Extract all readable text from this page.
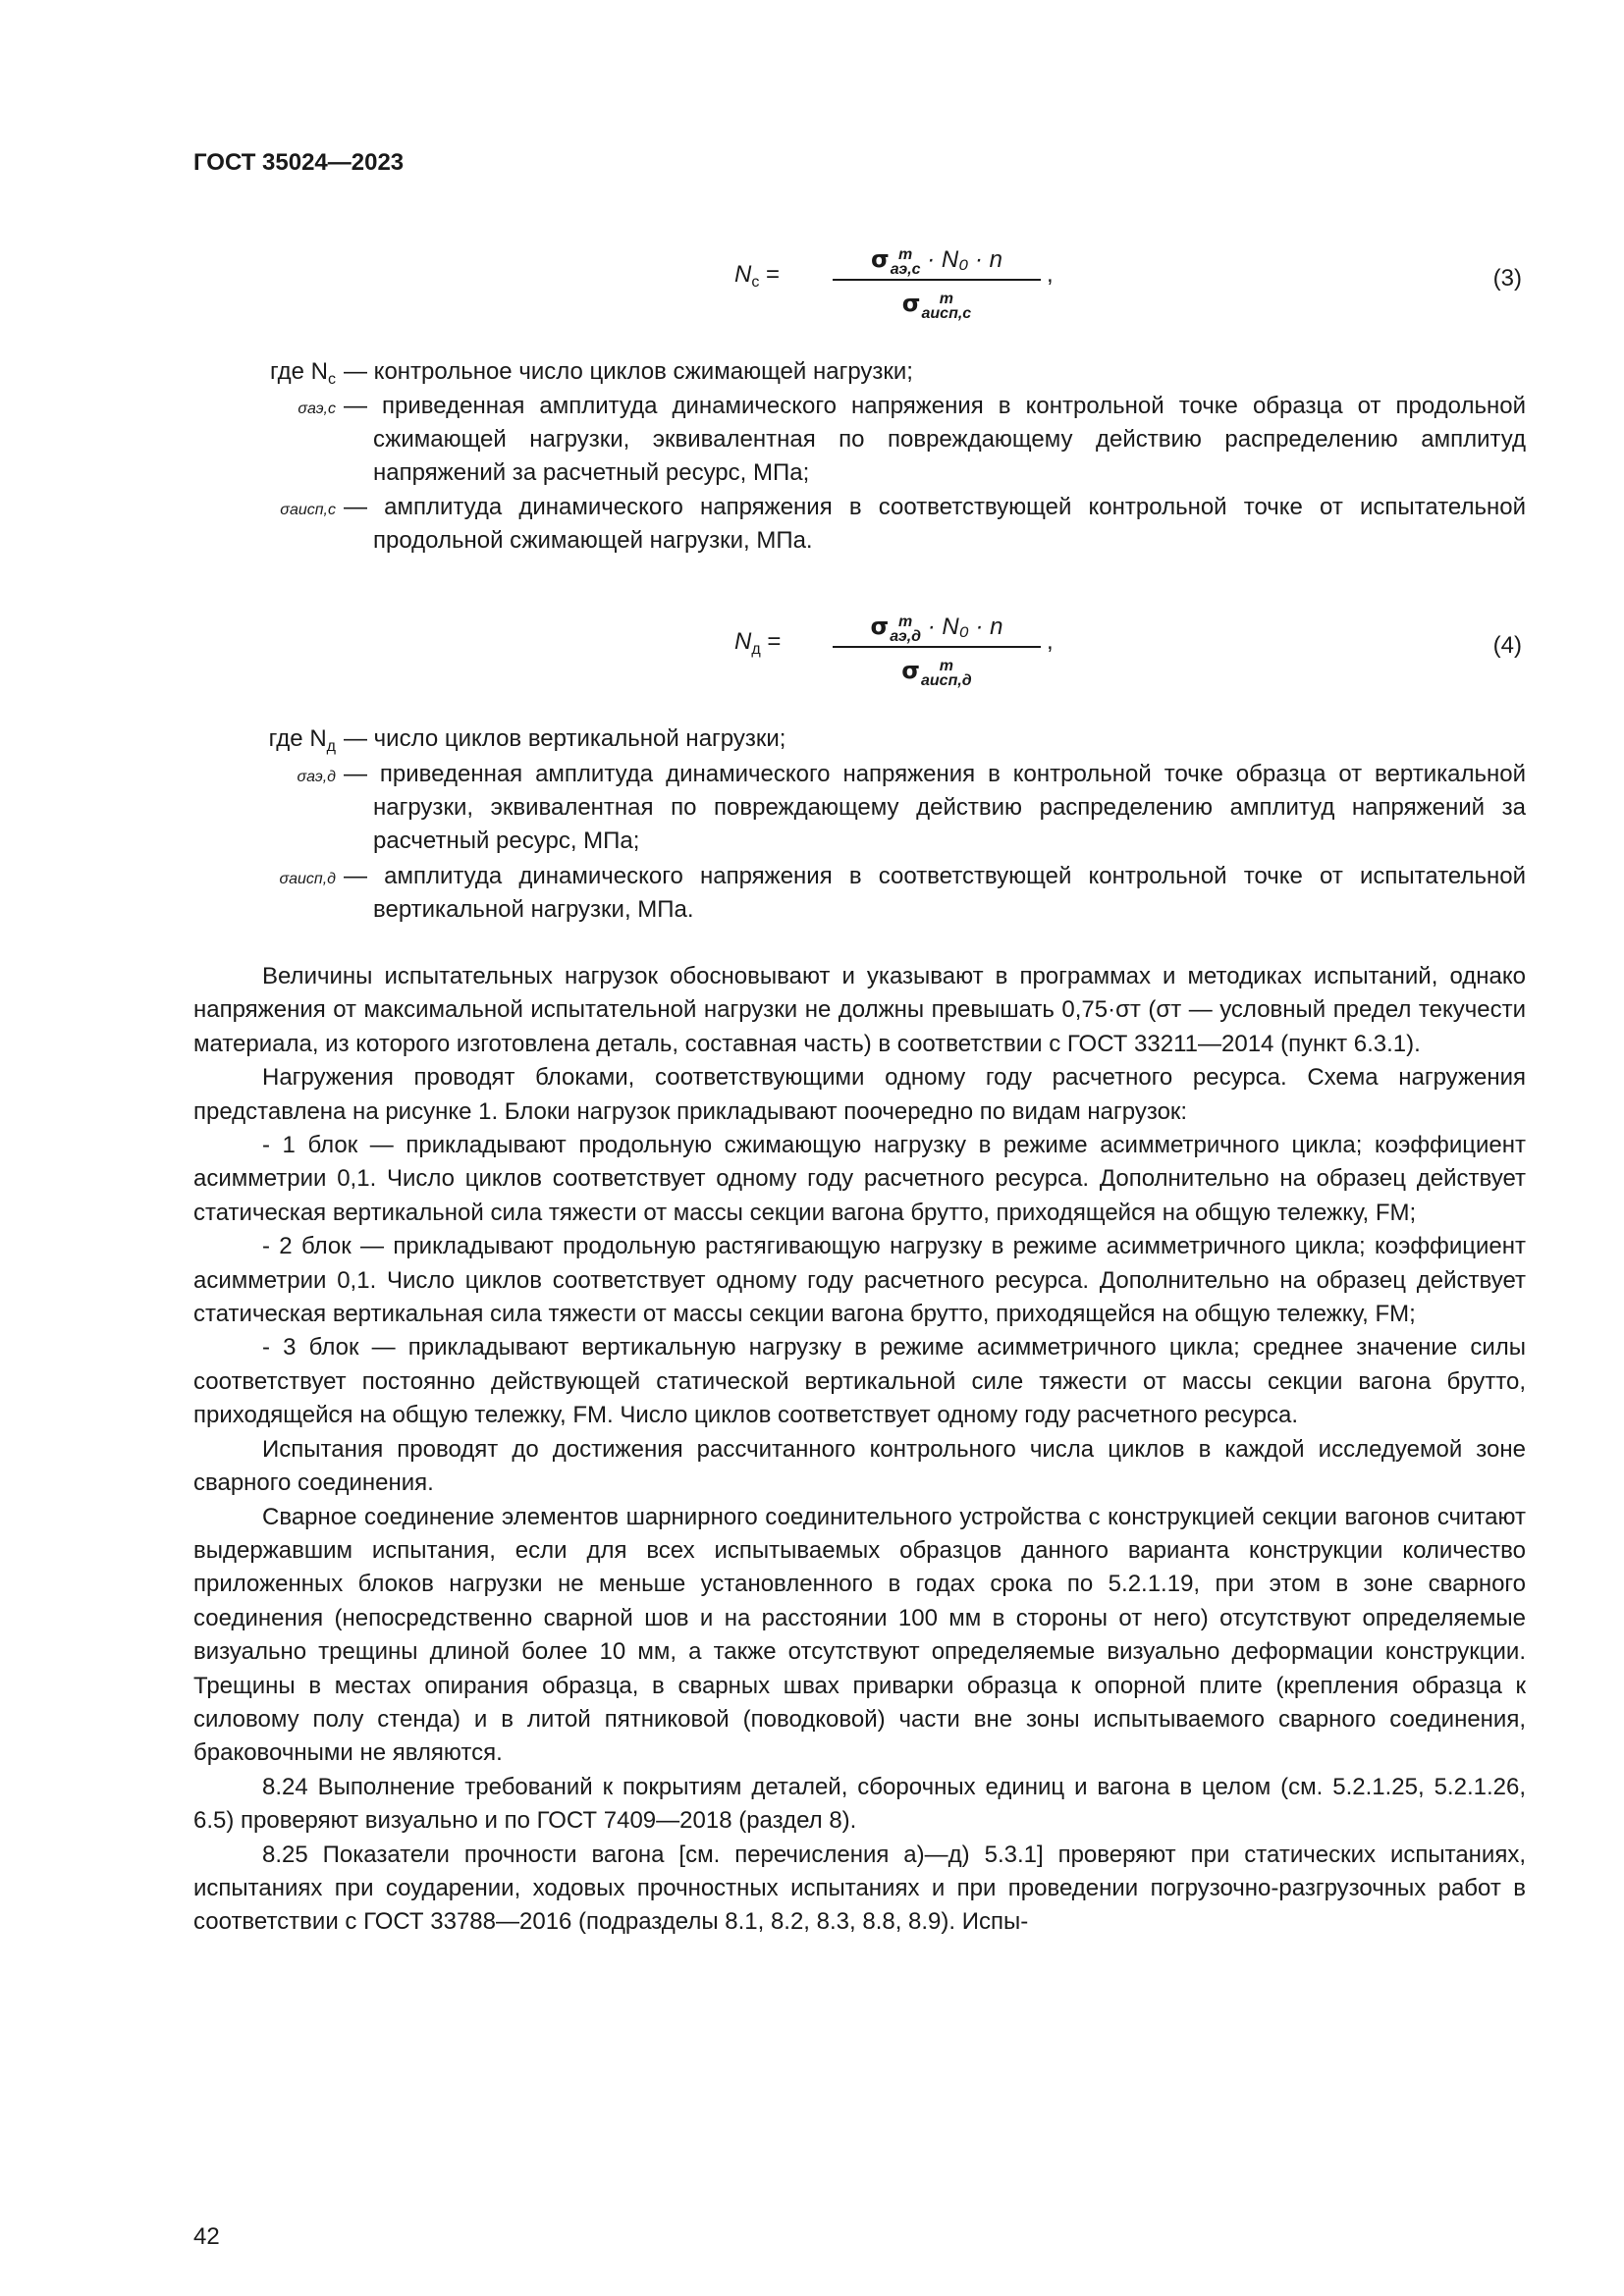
ГОСТ 35024—2023
$N_с$ =
σ m
аэ,с · N₀ · n
σ	m
аисп,с
,	(3)
где $N_с$ — контрольное число циклов сжимающей нагрузки;
σаэ,с — приведенная амплитуда динамического напряжения в контрольной точке образца от продольной сжимающей нагрузки, эквивалентная по повреждающему действию распределению амплитуд напряжений за расчетный ресурс, МПа;
σаисп,с — амплитуда динамического напряжения в соответствующей контрольной точке от испытательной продольной сжимающей нагрузки, МПа.
$N_д$ =
σ m
аэ,д · N₀ · n
σ	m
аисп,д
,	(4)
где $N_д$ — число циклов вертикальной нагрузки;
σаэ,д — приведенная амплитуда динамического напряжения в контрольной точке образца от вертикальной нагрузки, эквивалентная по повреждающему действию распределению амплитуд напряжений за расчетный ресурс, МПа;
σаисп,д — амплитуда динамического напряжения в соответствующей контрольной точке от испытательной вертикальной нагрузки, МПа.

Величины испытательных нагрузок обосновывают и указывают в программах и методиках испытаний, однако напряжения от максимальной испытательной нагрузки не должны превышать 0,75·σт (σт — условный предел текучести материала, из которого изготовлена деталь, составная часть) в соответствии с ГОСТ 33211—2014 (пункт 6.3.1).

Нагружения проводят блоками, соответствующими одному году расчетного ресурса. Схема нагружения представлена на рисунке 1. Блоки нагрузок прикладывают поочередно по видам нагрузок:

- 1 блок — прикладывают продольную сжимающую нагрузку в режиме асимметричного цикла; коэффициент асимметрии 0,1. Число циклов соответствует одному году расчетного ресурса. Дополнительно на образец действует статическая вертикальной сила тяжести от массы секции вагона брутто, приходящейся на общую тележку, FМ;

- 2 блок — прикладывают продольную растягивающую нагрузку в режиме асимметричного цикла; коэффициент асимметрии 0,1. Число циклов соответствует одному году расчетного ресурса. Дополнительно на образец действует статическая вертикальная сила тяжести от массы секции вагона брутто, приходящейся на общую тележку, FМ;

- 3 блок — прикладывают вертикальную нагрузку в режиме асимметричного цикла; среднее значение силы соответствует постоянно действующей статической вертикальной силе тяжести от массы секции вагона брутто, приходящейся на общую тележку, FМ. Число циклов соответствует одному году расчетного ресурса.

Испытания проводят до достижения рассчитанного контрольного числа циклов в каждой исследуемой зоне сварного соединения.

Сварное соединение элементов шарнирного соединительного устройства с конструкцией секции вагонов считают выдержавшим испытания, если для всех испытываемых образцов данного варианта конструкции количество приложенных блоков нагрузки не меньше установленного в годах срока по 5.2.1.19, при этом в зоне сварного соединения (непосредственно сварной шов и на расстоянии 100 мм в стороны от него) отсутствуют определяемые визуально трещины длиной более 10 мм, а также отсутствуют определяемые визуально деформации конструкции. Трещины в местах опирания образца, в сварных швах приварки образца к опорной плите (крепления образца к силовому полу стенда) и в литой пятниковой (поводковой) части вне зоны испытываемого сварного соединения, браковочными не являются.

8.24 Выполнение требований к покрытиям деталей, сборочных единиц и вагона в целом (см. 5.2.1.25, 5.2.1.26, 6.5) проверяют визуально и по ГОСТ 7409—2018 (раздел 8).

8.25 Показатели прочности вагона [см. перечисления а)—д) 5.3.1] проверяют при статических испытаниях, испытаниях при соударении, ходовых прочностных испытаниях и при проведении погрузочно-разгрузочных работ в соответствии с ГОСТ 33788—2016 (подразделы 8.1, 8.2, 8.3, 8.8, 8.9). Испы-

42
